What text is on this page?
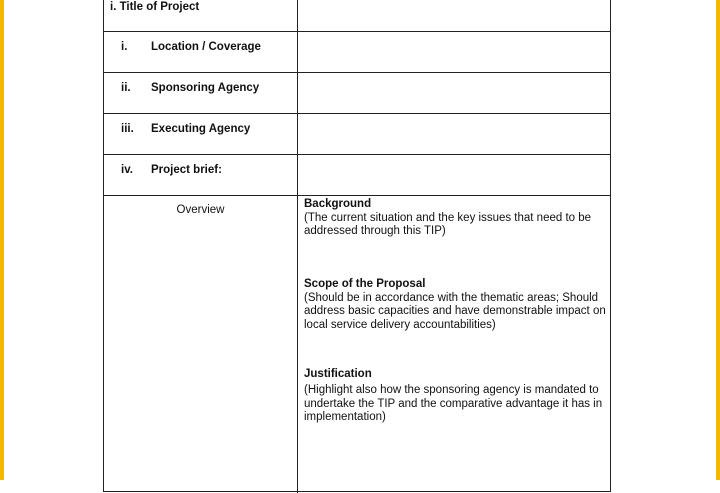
i. Title of Project
i.	Location / Coverage
ii.	Sponsoring Agency
iii.	Executing Agency
iv.	Project brief:
Overview	Background
(The current situation and the key issues that need to be addressed through this TIP)
Scope of the Proposal
(Should be in accordance with the thematic areas; Should address basic capacities and have demonstrable impact on local service delivery accountabilities)
Justification
(Highlight also how the sponsoring agency is mandated to undertake the TIP and the comparative advantage it has in implementation)
